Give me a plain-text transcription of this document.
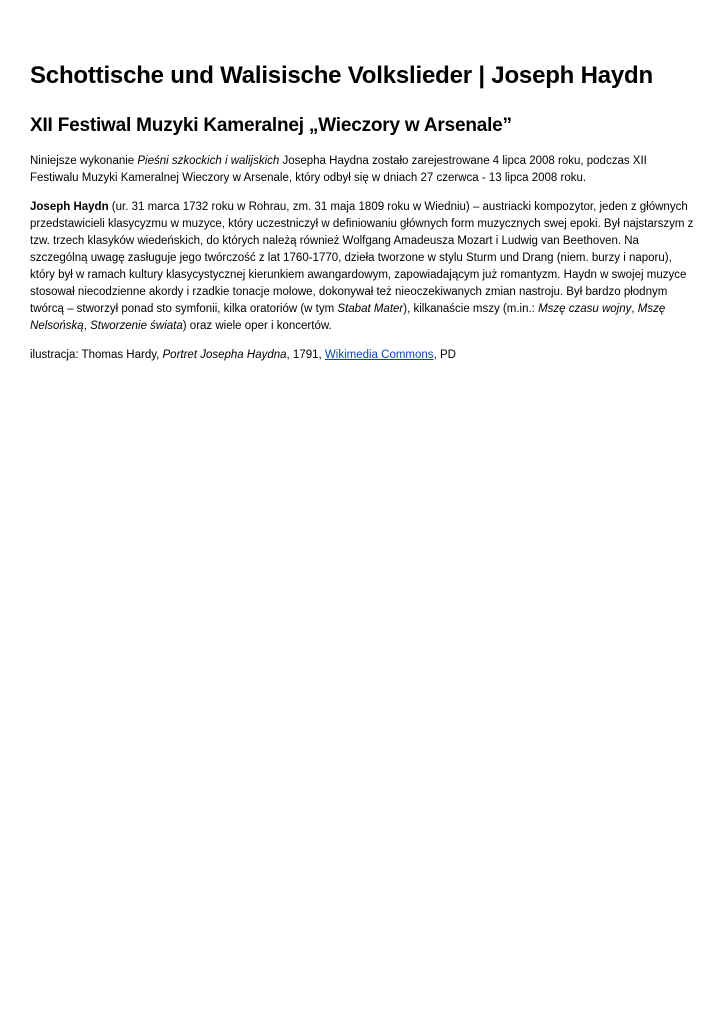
Schottische und Walisische Volkslieder | Joseph Haydn
XII Festiwal Muzyki Kameralnej „Wieczory w Arsenale”

Niniejsze wykonanie Pieśni szkockich i walijskich Josepha Haydna zostało zarejestrowane 4 lipca 2008 roku, podczas XII Festiwalu Muzyki Kameralnej Wieczory w Arsenale, który odbył się w dniach 27 czerwca - 13 lipca 2008 roku.

Joseph Haydn (ur. 31 marca 1732 roku w Rohrau, zm. 31 maja 1809 roku w Wiedniu) – austriacki kompozytor, jeden z głównych przedstawicieli klasycyzmu w muzyce, który uczestniczył w definiowaniu głównych form muzycznych swej epoki. Był najstarszym z tzw. trzech klasyków wiedeńskich, do których należą również Wolfgang Amadeusza Mozart i Ludwig van Beethoven. Na szczególną uwagę zasługuje jego twórczość z lat 1760-1770, dzieła tworzone w stylu Sturm und Drang (niem. burzy i naporu), który był w ramach kultury klasycystycznej kierunkiem awangardowym, zapowiadającym już romantyzm. Haydn w swojej muzyce stosował niecodzienne akordy i rzadkie tonacje molowe, dokonywał też nieoczekiwanych zmian nastroju. Był bardzo płodnym twórcą – stworzył ponad sto symfonii, kilka oratoriów (w tym Stabat Mater), kilkanaście mszy (m.in.: Mszę czasu wojny, Mszę Nelsońską, Stworzenie świata) oraz wiele oper i koncertów.

ilustracja: Thomas Hardy, Portret Josepha Haydna, 1791, Wikimedia Commons, PD
